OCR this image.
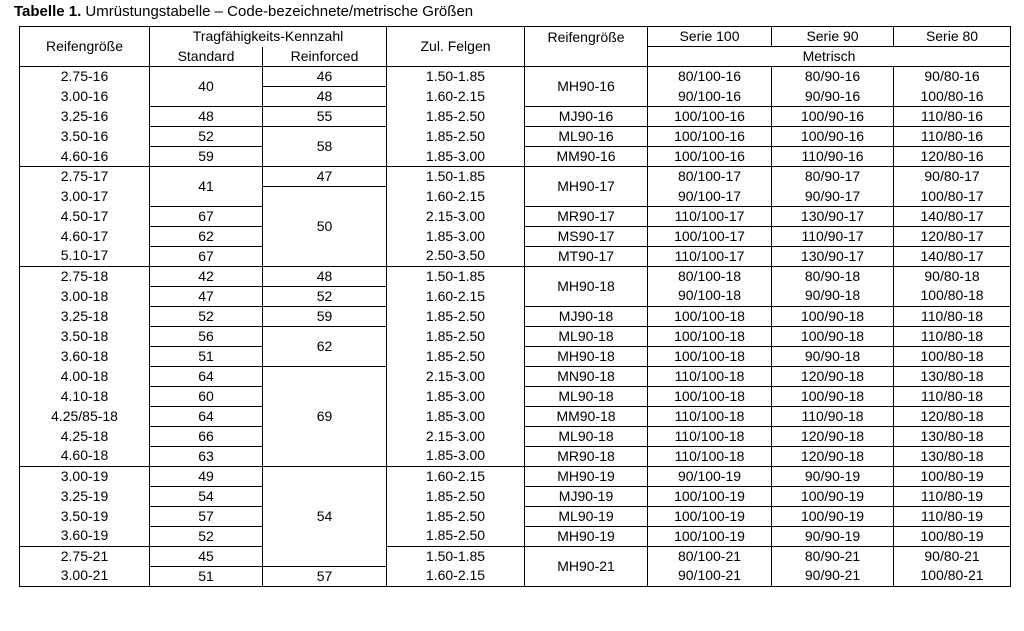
Tabelle 1. Umrüstungstabelle – Code-bezeichnete/metrische Größen
Reifengröße	Tragfähigkeits-Kennzahl		Zul. Felgen	Reifengröße	Serie 100	Serie 90	Serie 80
	Standard	Reinforced			Metrisch		
2.75-16	40	46	1.50-1.85	MH90-16	80/100-16	80/90-16	90/80-16
3.00-16		48	1.60-2.15		90/100-16	90/90-16	100/80-16
3.25-16	48	55	1.85-2.50	MJ90-16	100/100-16	100/90-16	110/80-16
3.50-16	52	58	1.85-2.50	ML90-16	100/100-16	100/90-16	110/80-16
4.60-16	59		1.85-3.00	MM90-16	100/100-16	110/90-16	120/80-16
2.75-17	41	47	1.50-1.85	MH90-17	80/100-17	80/90-17	90/80-17
3.00-17		50	1.60-2.15		90/100-17	90/90-17	100/80-17
4.50-17	67		2.15-3.00	MR90-17	110/100-17	130/90-17	140/80-17
4.60-17	62		1.85-3.00	MS90-17	100/100-17	110/90-17	120/80-17
5.10-17	67		2.50-3.50	MT90-17	110/100-17	130/90-17	140/80-17
2.75-18	42	48	1.50-1.85	MH90-18	80/100-18	80/90-18	90/80-18
3.00-18	47	52	1.60-2.15		90/100-18	90/90-18	100/80-18
3.25-18	52	59	1.85-2.50	MJ90-18	100/100-18	100/90-18	110/80-18
3.50-18	56	62	1.85-2.50	ML90-18	100/100-18	100/90-18	110/80-18
3.60-18	51		1.85-2.50	MH90-18	100/100-18	90/90-18	100/80-18
4.00-18	64	69	2.15-3.00	MN90-18	110/100-18	120/90-18	130/80-18
4.10-18	60		1.85-3.00	ML90-18	100/100-18	100/90-18	110/80-18
4.25/85-18	64		1.85-3.00	MM90-18	110/100-18	110/90-18	120/80-18
4.25-18	66		2.15-3.00	ML90-18	110/100-18	120/90-18	130/80-18
4.60-18	63		1.85-3.00	MR90-18	110/100-18	120/90-18	130/80-18
3.00-19	49	54	1.60-2.15	MH90-19	90/100-19	90/90-19	100/80-19
3.25-19	54		1.85-2.50	MJ90-19	100/100-19	100/90-19	110/80-19
3.50-19	57		1.85-2.50	ML90-19	100/100-19	100/90-19	110/80-19
3.60-19	52		1.85-2.50	MH90-19	100/100-19	90/90-19	100/80-19
2.75-21	45		1.50-1.85	MH90-21	80/100-21	80/90-21	90/80-21
3.00-21	51	57	1.60-2.15		90/100-21	90/90-21	100/80-21
